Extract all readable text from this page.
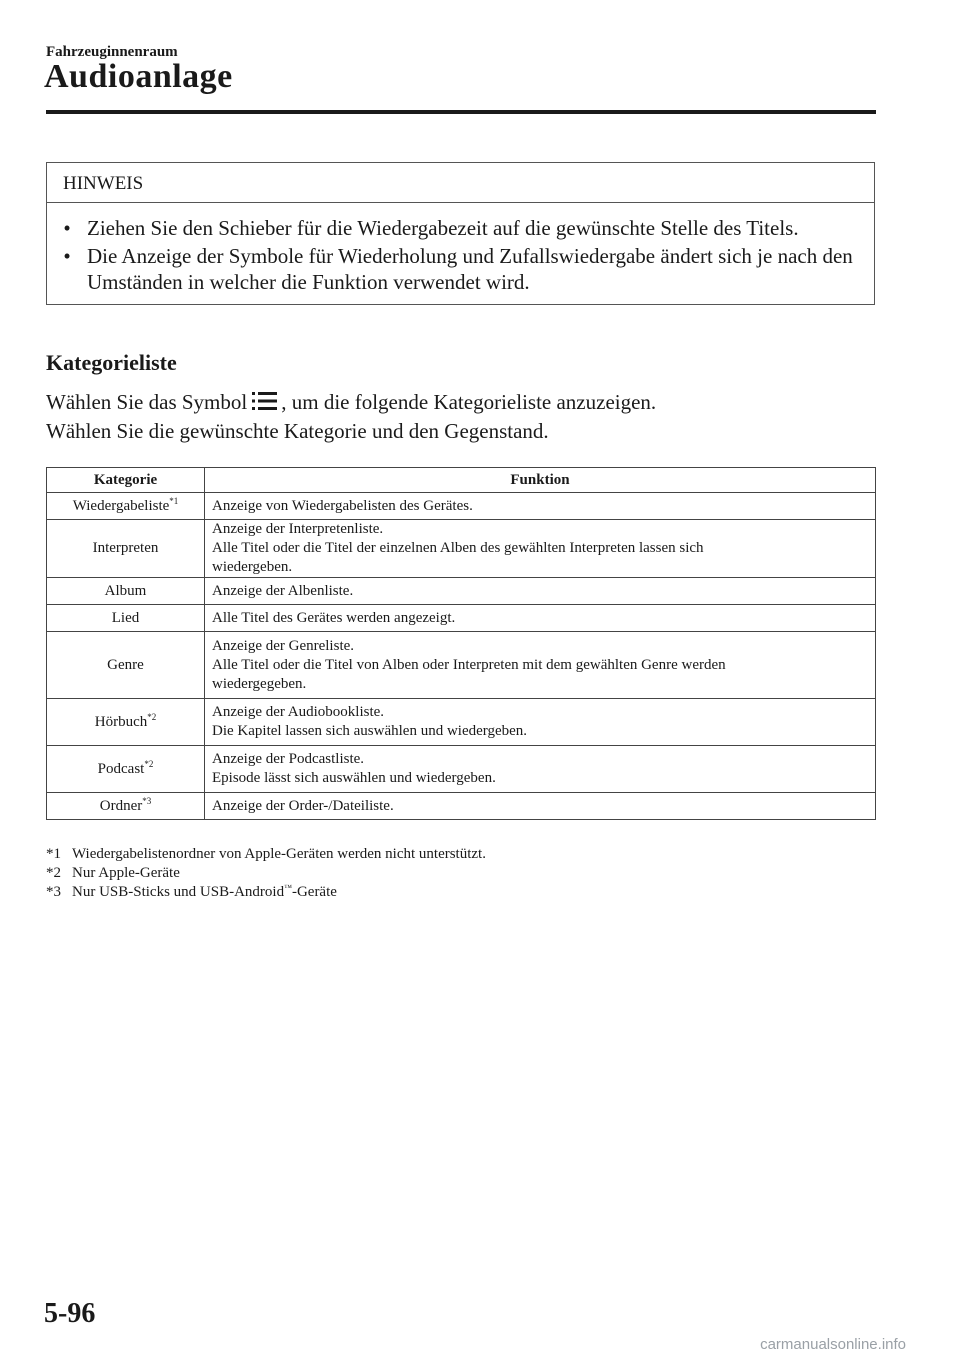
Fahrzeuginnenraum
Audioanlage
HINWEIS
• Ziehen Sie den Schieber für die Wiedergabezeit auf die gewünschte Stelle des Titels.
• Die Anzeige der Symbole für Wiederholung und Zufallswiedergabe ändert sich je nach den Umständen in welcher die Funktion verwendet wird.
Kategorieliste
Wählen Sie das Symbol , um die folgende Kategorieliste anzuzeigen.
Wählen Sie die gewünschte Kategorie und den Gegenstand.
Kategorie	Funktion
Wiedergabeliste$^{*1}$	Anzeige von Wiedergabelisten des Gerätes.

Interpreten	Anzeige der Interpretenliste.
Alle Titel oder die Titel der einzelnen Alben des gewählten Interpreten lassen sich
wiedergeben.

Album	Anzeige der Albenliste.

Lied	Alle Titel des Gerätes werden angezeigt.

Genre	Anzeige der Genreliste.
Alle Titel oder die Titel von Alben oder Interpreten mit dem gewählten Genre werden
wiedergegeben.

Hörbuch$^{*2}$	Anzeige der Audiobookliste.
Die Kapitel lassen sich auswählen und wiedergeben.

Podcast$^{*2}$	Anzeige der Podcastliste.
Episode lässt sich auswählen und wiedergeben.

Ordner$^{*3}$	Anzeige der Order-/Dateiliste.
*1 Wiedergabelistenordner von Apple-Geräten werden nicht unterstützt.
*2 Nur Apple-Geräte
*3 Nur USB-Sticks und USB-Android™-Geräte
5-96
carmanualsonline.info
